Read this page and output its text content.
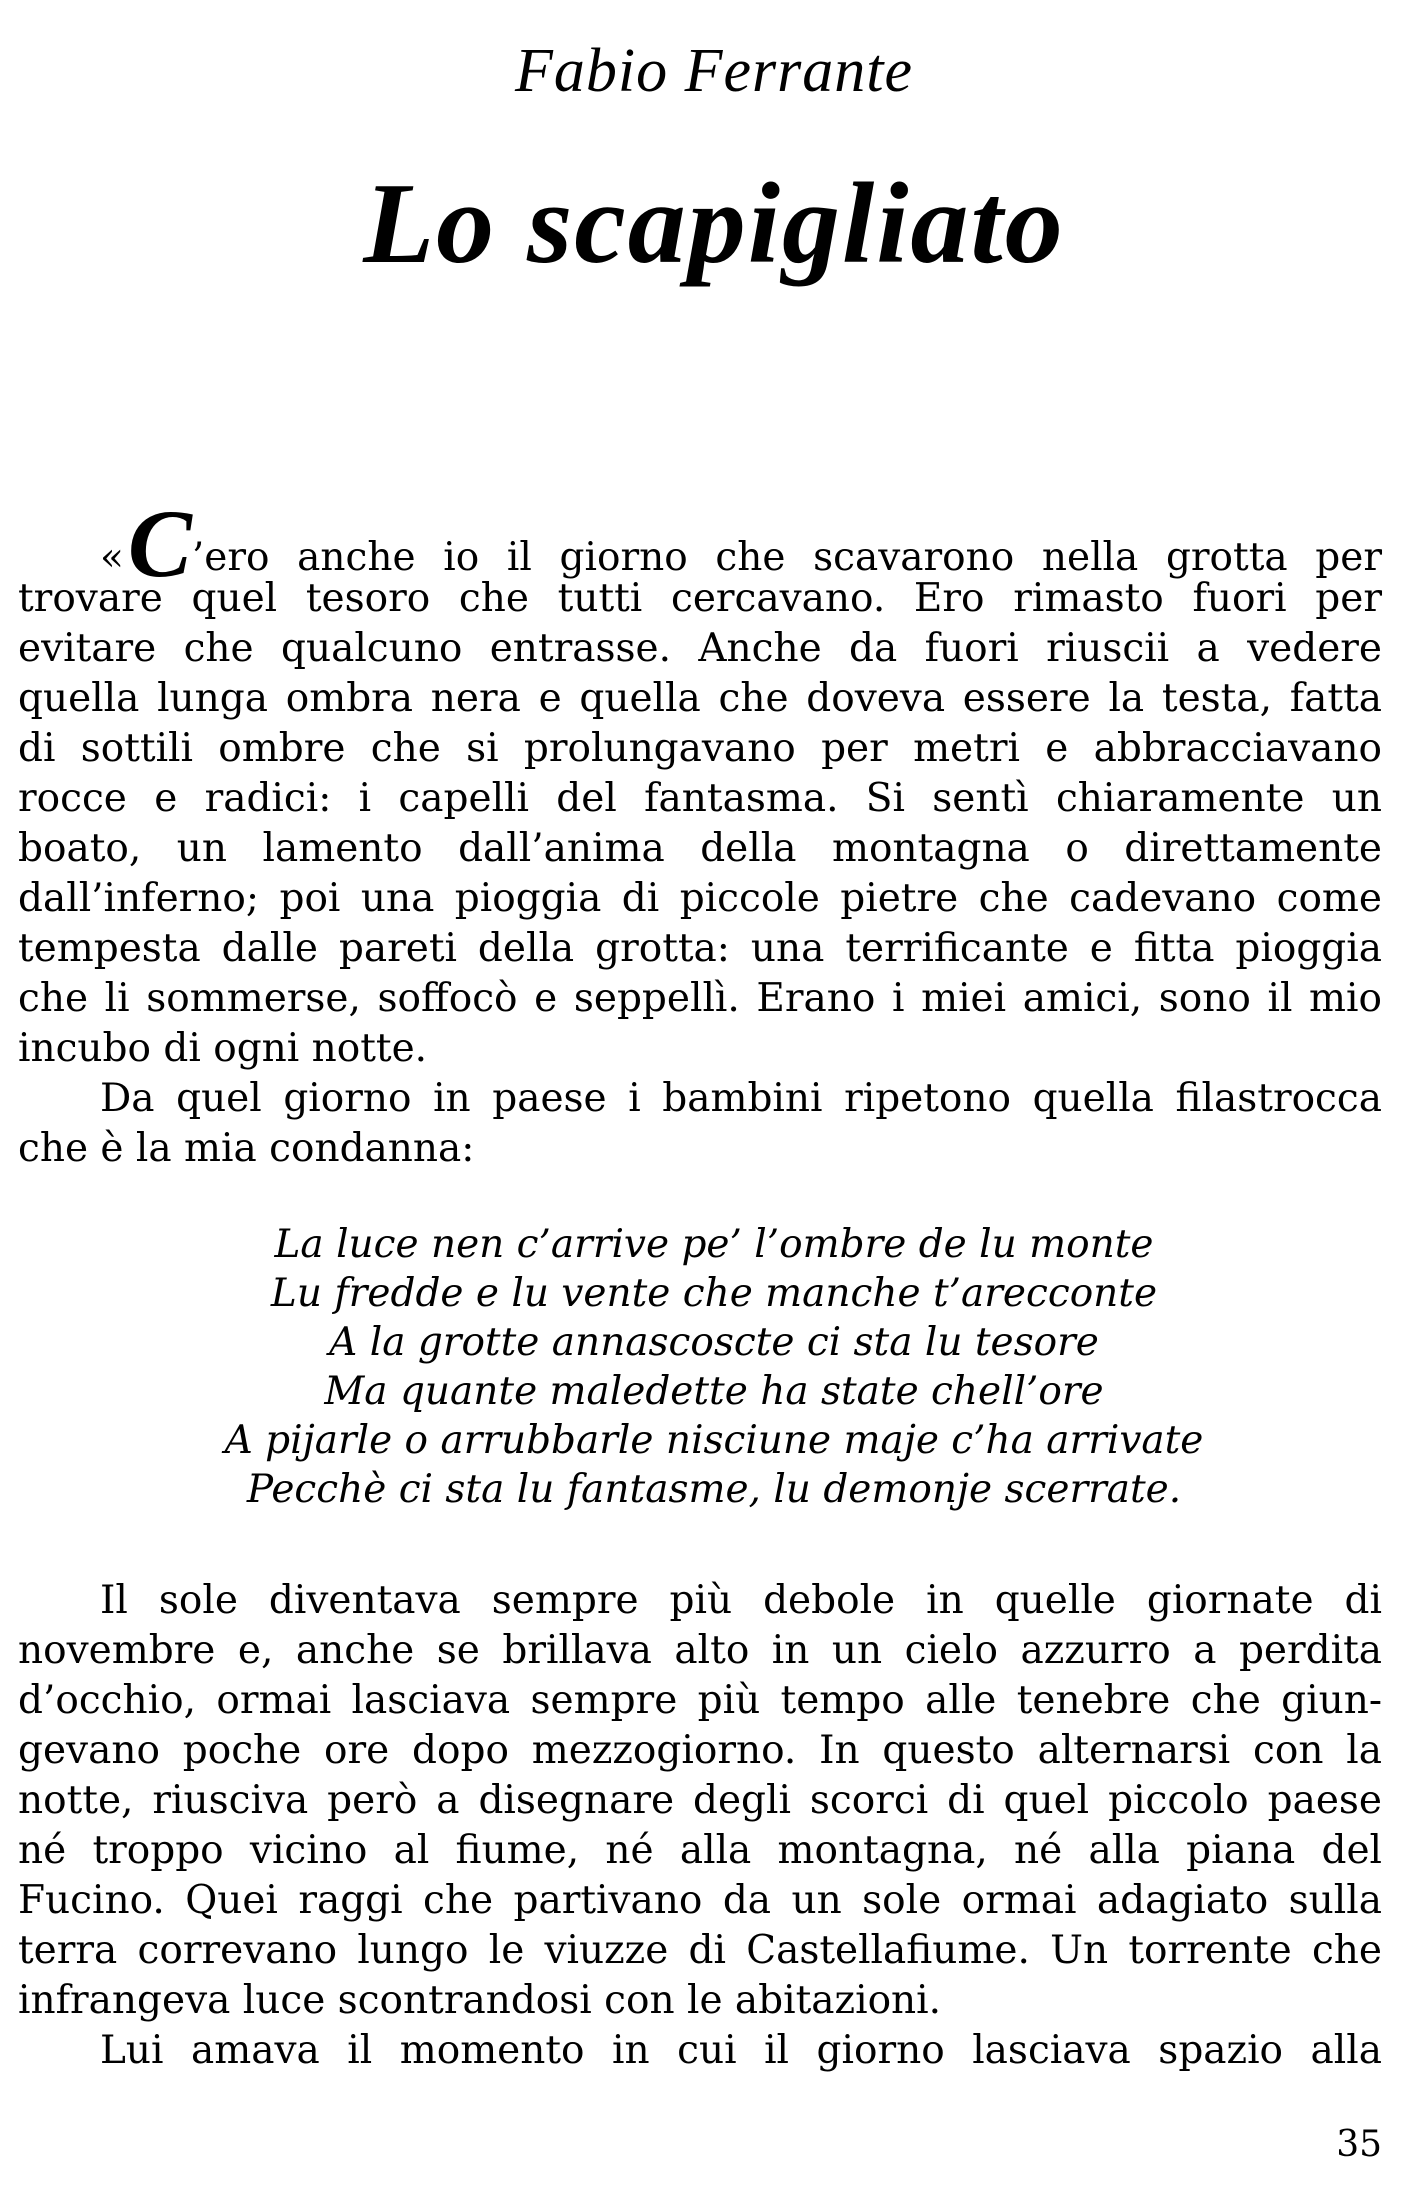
Fabio Ferrante
Lo scapigliato
«C’ero anche io il giorno che scavarono nella grotta per
trovare quel tesoro che tutti cercavano. Ero rimasto fuori per
evitare che qualcuno entrasse. Anche da fuori riuscii a vedere
quella lunga ombra nera e quella che doveva essere la testa, fatta
di sottili ombre che si prolungavano per metri e abbracciavano
rocce e radici: i capelli del fantasma. Si sentì chiaramente un
boato, un lamento dall’anima della montagna o direttamente
dall’inferno; poi una pioggia di piccole pietre che cadevano come
tempesta dalle pareti della grotta: una terrificante e fitta pioggia
che li sommerse, soffocò e seppellì. Erano i miei amici, sono il mio
incubo di ogni notte.
Da quel giorno in paese i bambini ripetono quella filastrocca
che è la mia condanna:
La luce nen c’arrive pe’ l’ombre de lu monte
Lu fredde e lu vente che manche t’arecconte
A la grotte annascoscte ci sta lu tesore
Ma quante maledette ha state chell’ore
A pijarle o arrubbarle nisciune maje c’ha arrivate
Pecchè ci sta lu fantasme, lu demonje scerrate.
Il sole diventava sempre più debole in quelle giornate di
novembre e, anche se brillava alto in un cielo azzurro a perdita
d’occhio, ormai lasciava sempre più tempo alle tenebre che giun-
gevano poche ore dopo mezzogiorno. In questo alternarsi con la
notte, riusciva però a disegnare degli scorci di quel piccolo paese
né troppo vicino al fiume, né alla montagna, né alla piana del
Fucino. Quei raggi che partivano da un sole ormai adagiato sulla
terra correvano lungo le viuzze di Castellafiume. Un torrente che
infrangeva luce scontrandosi con le abitazioni.
Lui amava il momento in cui il giorno lasciava spazio alla
35
